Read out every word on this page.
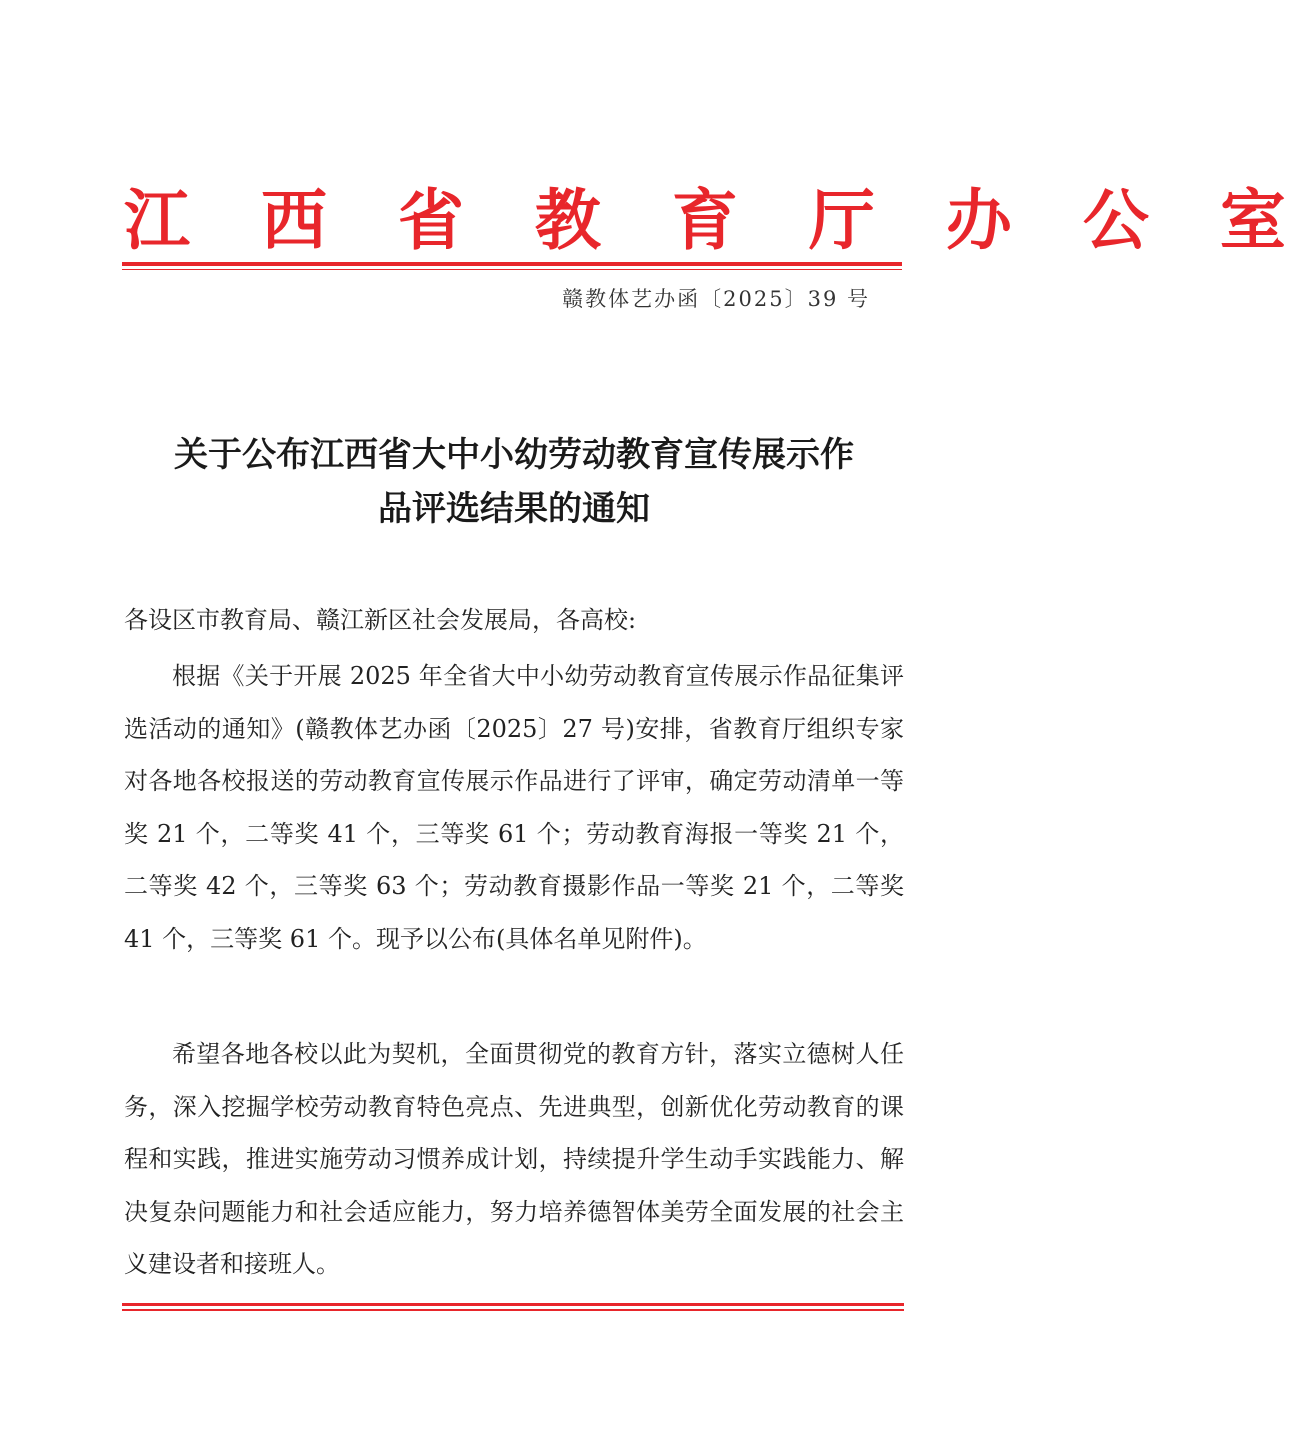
江 西 省 教 育 厅 办 公 室
赣教体艺办函〔2025〕39 号
关于公布江西省大中小幼劳动教育宣传展示作
品评选结果的通知
各设区市教育局、赣江新区社会发展局，各高校:

根据《关于开展 2025 年全省大中小幼劳动教育宣传展示作品征集评选活动的通知》(赣教体艺办函〔2025〕27 号)安排，省教育厅组织专家对各地各校报送的劳动教育宣传展示作品进行了评审，确定劳动清单一等奖 21 个，二等奖 41 个，三等奖 61 个；劳动教育海报一等奖 21 个，二等奖 42 个，三等奖 63 个；劳动教育摄影作品一等奖 21 个，二等奖 41 个，三等奖 61 个。现予以公布(具体名单见附件)。

希望各地各校以此为契机，全面贯彻党的教育方针，落实立德树人任务，深入挖掘学校劳动教育特色亮点、先进典型，创新优化劳动教育的课程和实践，推进实施劳动习惯养成计划，持续提升学生动手实践能力、解决复杂问题能力和社会适应能力，努力培养德智体美劳全面发展的社会主义建设者和接班人。
